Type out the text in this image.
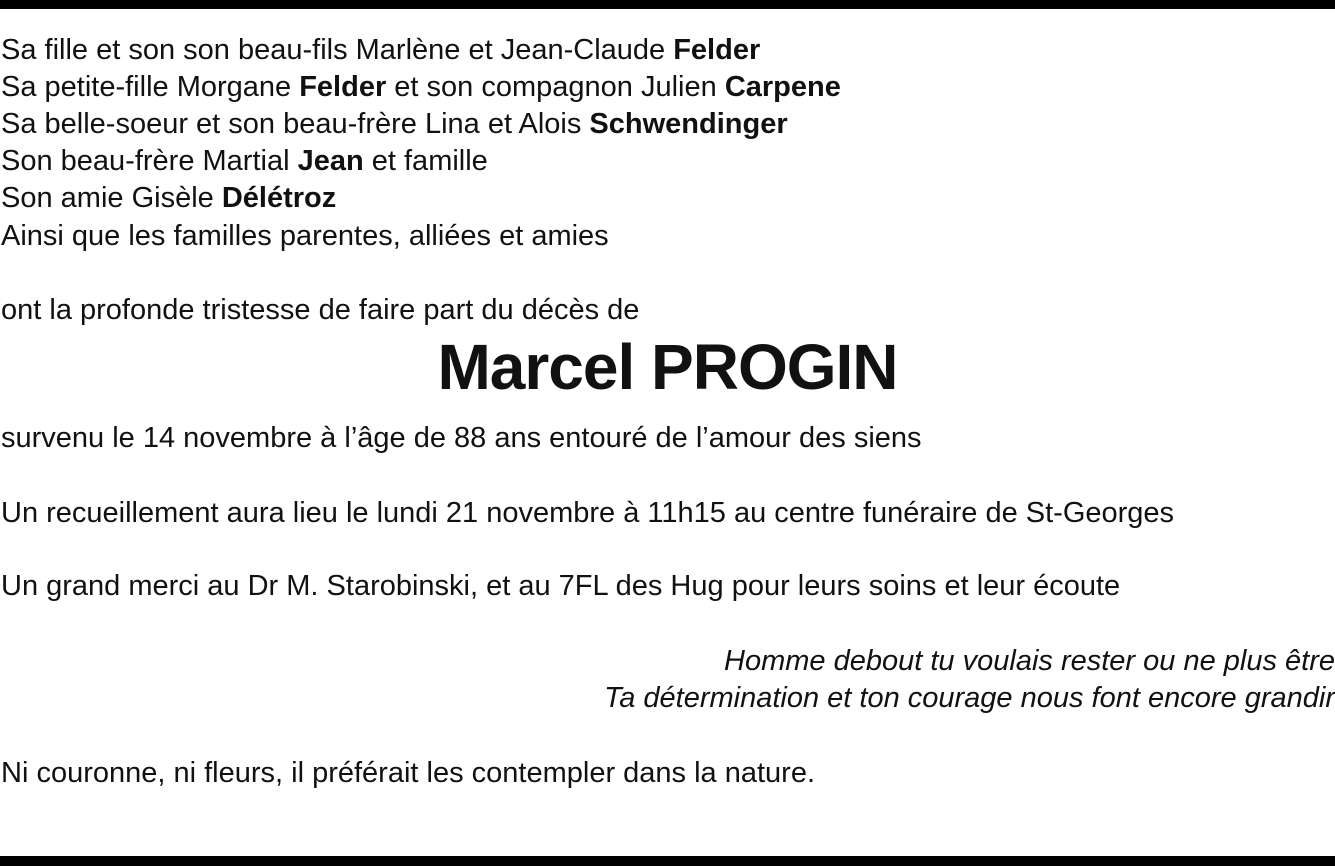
Sa fille et son son beau-fils Marlène et Jean-Claude Felder

Sa petite-fille Morgane Felder et son compagnon Julien Carpene

Sa belle-soeur et son beau-frère Lina et Alois Schwendinger

Son beau-frère Martial Jean et famille

Son amie Gisèle Délétroz

Ainsi que les familles parentes, alliées et amies

ont la profonde tristesse de faire part du décès de

Marcel PROGIN

survenu le 14 novembre à l’âge de 88 ans entouré de l’amour des siens

Un recueillement aura lieu le lundi 21 novembre à 11h15 au centre funéraire de St-Georges

Un grand merci au Dr M. Starobinski, et au 7FL des Hug pour leurs soins et leur écoute

Homme debout tu voulais rester ou ne plus être

Ta détermination et ton courage nous font encore grandir

Ni couronne, ni fleurs, il préférait les contempler dans la nature.
